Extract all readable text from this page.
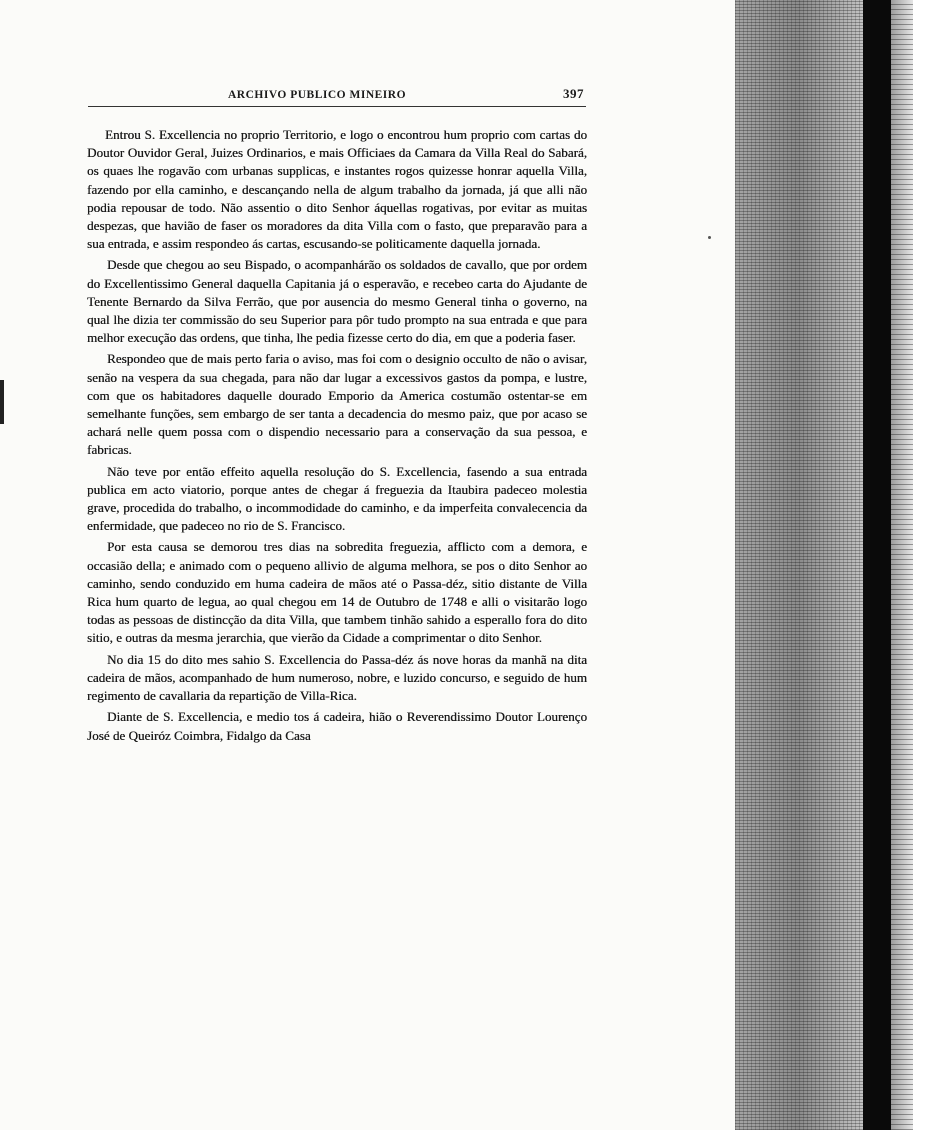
ARCHIVO PUBLICO MINEIRO	397

Entrou S. Excellencia no proprio Territorio, e logo o encontrou hum proprio com cartas do Doutor Ouvidor Geral, Juizes Ordinarios, e mais Officiaes da Camara da Villa Real do Sabará, os quaes lhe rogavão com urbanas supplicas, e instantes rogos quizesse honrar aquella Villa, fazendo por ella caminho, e descançando nella de algum trabalho da jornada, já que alli não podia repousar de todo. Não assentio o dito Senhor áquellas rogativas, por evitar as muitas despezas, que havião de faser os moradores da dita Villa com o fasto, que preparavão para a sua entrada, e assim respondeo ás cartas, escusando-se politicamente daquella jornada.

Desde que chegou ao seu Bispado, o acompanhárão os soldados de cavallo, que por ordem do Excellentissimo General daquella Capitania já o esperavão, e recebeo carta do Ajudante de Tenente Bernardo da Silva Ferrão, que por ausencia do mesmo General tinha o governo, na qual lhe dizia ter commissão do seu Superior para pôr tudo prompto na sua entrada e que para melhor execução das ordens, que tinha, lhe pedia fizesse certo do dia, em que a poderia faser.

Respondeo que de mais perto faria o aviso, mas foi com o designio occulto de não o avisar, senão na vespera da sua chegada, para não dar lugar a excessivos gastos da pompa, e lustre, com que os habitadores daquelle dourado Emporio da America costumão ostentar-se em semelhante funções, sem embargo de ser tanta a decadencia do mesmo paiz, que por acaso se achará nelle quem possa com o dispendio necessario para a conservação da sua pessoa, e fabricas.

Não teve por então effeito aquella resolução do S. Excellencia, fasendo a sua entrada publica em acto viatorio, porque antes de chegar á freguezia da Itaubira padeceo molestia grave, procedida do trabalho, o incommodidade do caminho, e da imperfeita convalecencia da enfermidade, que padeceo no rio de S. Francisco.

Por esta causa se demorou tres dias na sobredita freguezia, afflicto com a demora, e occasião della; e animado com o pequeno allivio de alguma melhora, se pos o dito Senhor ao caminho, sendo conduzido em huma cadeira de mãos até o Passa-déz, sitio distante de Villa Rica hum quarto de legua, ao qual chegou em 14 de Outubro de 1748 e alli o visitarão logo todas as pessoas de distincção da dita Villa, que tambem tinhão sahido a esperallo fora do dito sitio, e outras da mesma jerarchia, que vierão da Cidade a comprimentar o dito Senhor.

No dia 15 do dito mes sahio S. Excellencia do Passa-déz ás nove horas da manhã na dita cadeira de mãos, acompanhado de hum numeroso, nobre, e luzido concurso, e seguido de hum regimento de cavallaria da repartição de Villa-Rica.

Diante de S. Excellencia, e medio tos á cadeira, hião o Reverendissimo Doutor Lourenço José de Queiróz Coimbra, Fidalgo da Casa
